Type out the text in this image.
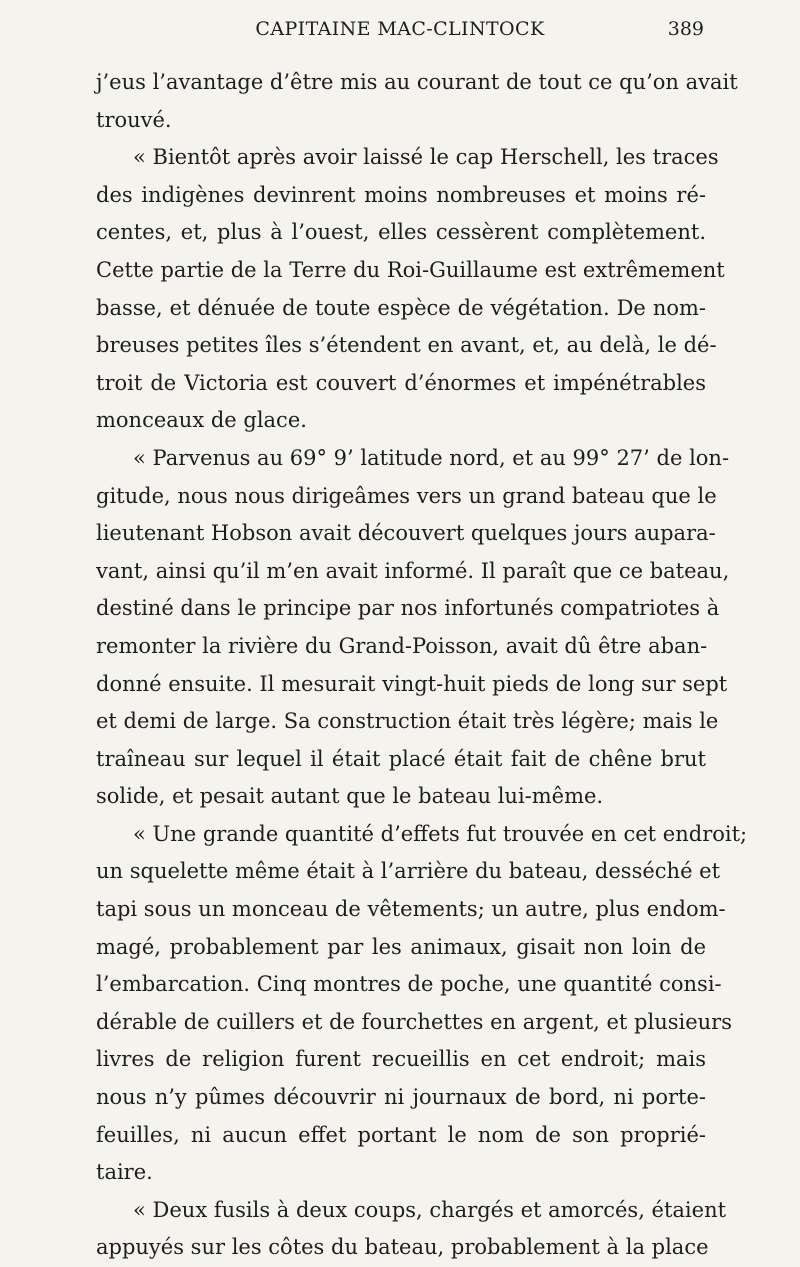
CAPITAINE MAC-CLINTOCK	389
j’eus l’avantage d’être mis au courant de tout ce qu’on avait
trouvé.
« Bientôt après avoir laissé le cap Herschell, les traces
des indigènes devinrent moins nombreuses et moins ré-
centes, et, plus à l’ouest, elles cessèrent complètement.
Cette partie de la Terre du Roi-Guillaume est extrêmement
basse, et dénuée de toute espèce de végétation. De nom-
breuses petites îles s’étendent en avant, et, au delà, le dé-
troit de Victoria est couvert d’énormes et impénétrables
monceaux de glace.
« Parvenus au 69° 9’ latitude nord, et au 99° 27’ de lon-
gitude, nous nous dirigeâmes vers un grand bateau que le
lieutenant Hobson avait découvert quelques jours aupara-
vant, ainsi qu’il m’en avait informé. Il paraît que ce bateau,
destiné dans le principe par nos infortunés compatriotes à
remonter la rivière du Grand-Poisson, avait dû être aban-
donné ensuite. Il mesurait vingt-huit pieds de long sur sept
et demi de large. Sa construction était très légère; mais le
traîneau sur lequel il était placé était fait de chêne brut
solide, et pesait autant que le bateau lui-même.
« Une grande quantité d’effets fut trouvée en cet endroit;
un squelette même était à l’arrière du bateau, desséché et
tapi sous un monceau de vêtements; un autre, plus endom-
magé, probablement par les animaux, gisait non loin de
l’embarcation. Cinq montres de poche, une quantité consi-
dérable de cuillers et de fourchettes en argent, et plusieurs
livres de religion furent recueillis en cet endroit; mais
nous n’y pûmes découvrir ni journaux de bord, ni porte-
feuilles, ni aucun effet portant le nom de son proprié-
taire.
« Deux fusils à deux coups, chargés et amorcés, étaient
appuyés sur les côtes du bateau, probablement à la place
